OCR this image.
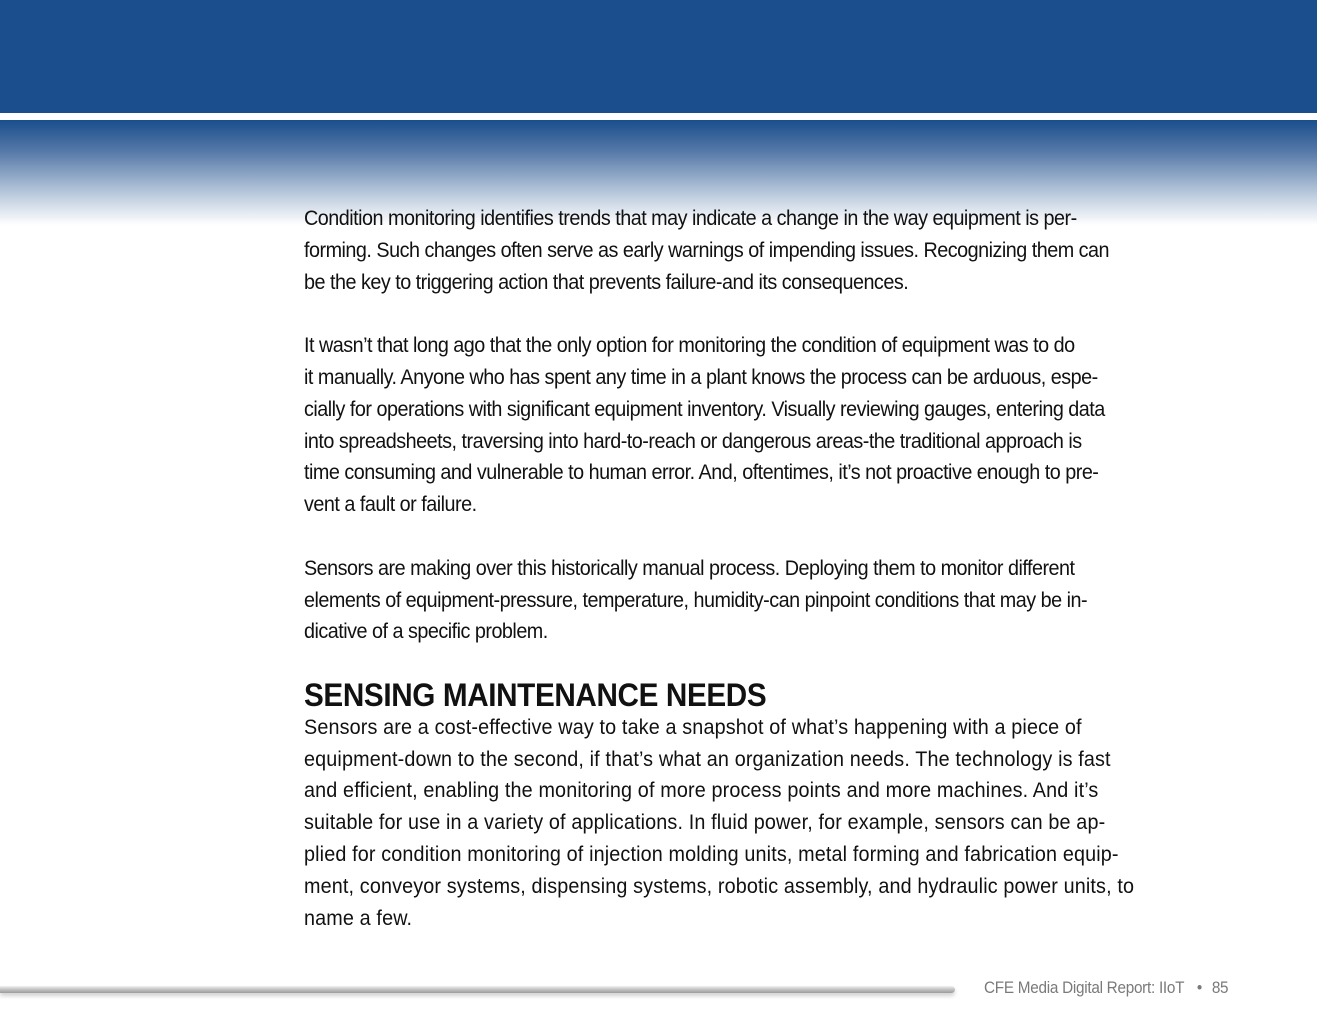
Condition monitoring identifies trends that may indicate a change in the way equipment is per-
forming. Such changes often serve as early warnings of impending issues. Recognizing them can
be the key to triggering action that prevents failure-and its consequences.

It wasn’t that long ago that the only option for monitoring the condition of equipment was to do
it manually. Anyone who has spent any time in a plant knows the process can be arduous, espe-
cially for operations with significant equipment inventory. Visually reviewing gauges, entering data
into spreadsheets, traversing into hard-to-reach or dangerous areas-the traditional approach is
time consuming and vulnerable to human error. And, oftentimes, it’s not proactive enough to pre-
vent a fault or failure.

Sensors are making over this historically manual process. Deploying them to monitor different
elements of equipment-pressure, temperature, humidity-can pinpoint conditions that may be in-
dicative of a specific problem.

SENSING MAINTENANCE NEEDS

Sensors are a cost-effective way to take a snapshot of what’s happening with a piece of
equipment-down to the second, if that’s what an organization needs. The technology is fast
and efficient, enabling the monitoring of more process points and more machines. And it’s
suitable for use in a variety of applications. In fluid power, for example, sensors can be ap-
plied for condition monitoring of injection molding units, metal forming and fabrication equip-
ment, conveyor systems, dispensing systems, robotic assembly, and hydraulic power units, to
name a few.

CFE Media Digital Report: IIoT • 85
